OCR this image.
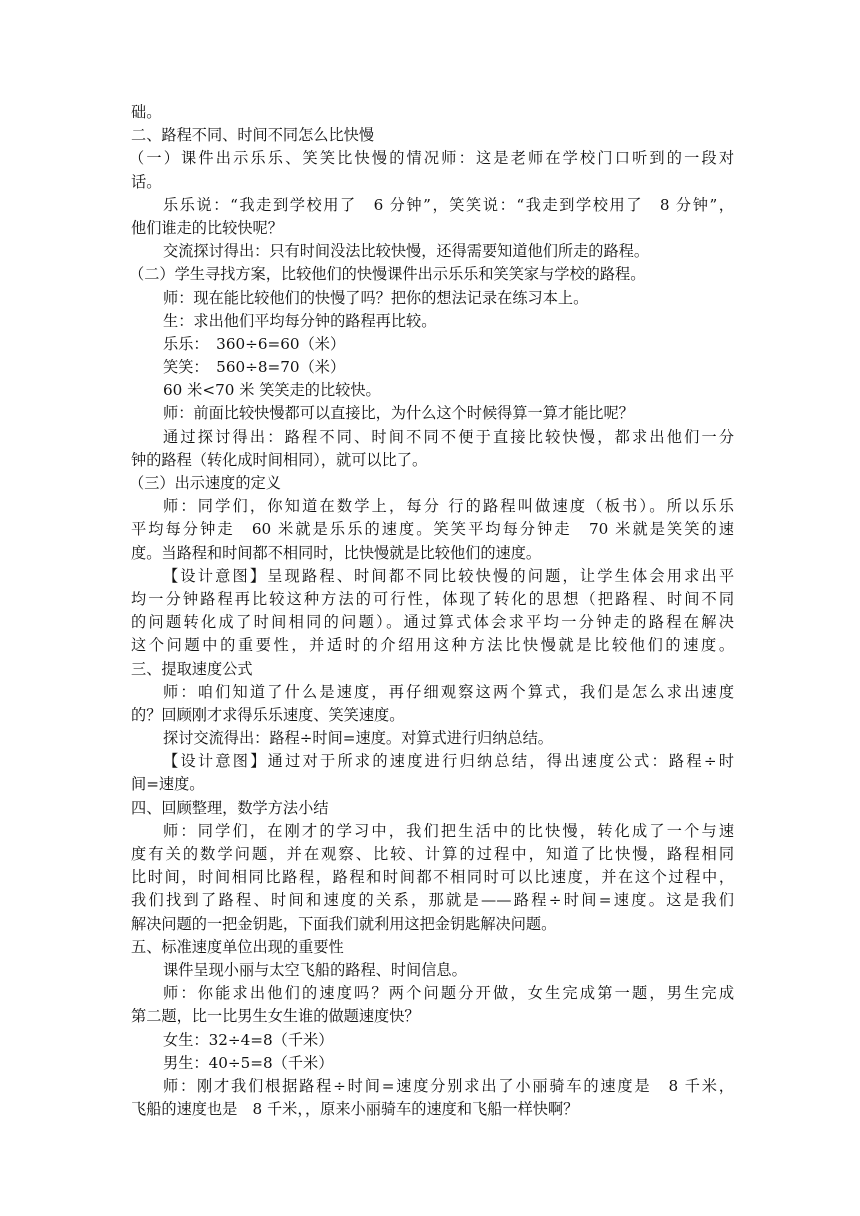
础。
二、路程不同、时间不同怎么比快慢
（一）课件出示乐乐、笑笑比快慢的情况师：这是老师在学校门口听到的一段对
话。
乐乐说：“我走到学校用了　6 分钟”，笑笑说：“我走到学校用了　8 分钟”，
他们谁走的比较快呢？
交流探讨得出：只有时间没法比较快慢，还得需要知道他们所走的路程。
（二）学生寻找方案，比较他们的快慢课件出示乐乐和笑笑家与学校的路程。
师：现在能比较他们的快慢了吗？把你的想法记录在练习本上。
生：求出他们平均每分钟的路程再比较。
乐乐：　360÷6=60（米）
笑笑：　560÷8=70（米）
60 米<70 米 笑笑走的比较快。
师：前面比较快慢都可以直接比，为什么这个时候得算一算才能比呢？
通过探讨得出：路程不同、时间不同不便于直接比较快慢，都求出他们一分
钟的路程（转化成时间相同），就可以比了。
（三）出示速度的定义
师：同学们，你知道在数学上，每分 行的路程叫做速度（板书）。所以乐乐
平均每分钟走　60 米就是乐乐的速度。笑笑平均每分钟走　70 米就是笑笑的速
度。当路程和时间都不相同时，比快慢就是比较他们的速度。
【设计意图】呈现路程、时间都不同比较快慢的问题，让学生体会用求出平
均一分钟路程再比较这种方法的可行性，体现了转化的思想（把路程、时间不同
的问题转化成了时间相同的问题）。通过算式体会求平均一分钟走的路程在解决
这个问题中的重要性，并适时的介绍用这种方法比快慢就是比较他们的速度。
三、提取速度公式
师：咱们知道了什么是速度，再仔细观察这两个算式，我们是怎么求出速度
的？回顾刚才求得乐乐速度、笑笑速度。
探讨交流得出：路程÷时间=速度。对算式进行归纳总结。
【设计意图】通过对于所求的速度进行归纳总结，得出速度公式：路程÷时
间=速度。
四、回顾整理，数学方法小结
师：同学们，在刚才的学习中，我们把生活中的比快慢，转化成了一个与速
度有关的数学问题，并在观察、比较、计算的过程中，知道了比快慢，路程相同
比时间，时间相同比路程，路程和时间都不相同时可以比速度，并在这个过程中，
我们找到了路程、时间和速度的关系，那就是——路程÷时间=速度。这是我们
解决问题的一把金钥匙，下面我们就利用这把金钥匙解决问题。
五、标准速度单位出现的重要性
课件呈现小丽与太空飞船的路程、时间信息。
师：你能求出他们的速度吗？两个问题分开做，女生完成第一题，男生完成
第二题，比一比男生女生谁的做题速度快？
女生：32÷4=8（千米）
男生：40÷5=8（千米）
师：刚才我们根据路程÷时间=速度分别求出了小丽骑车的速度是　8 千米，
飞船的速度也是　8 千米，，原来小丽骑车的速度和飞船一样快啊？
